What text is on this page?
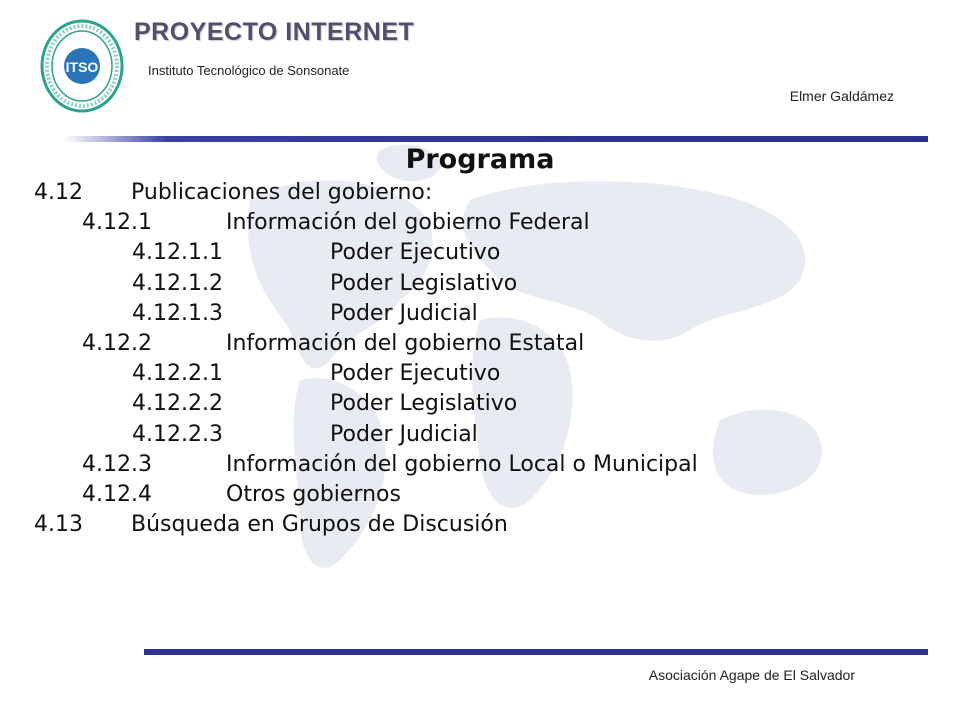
ITSO
PROYECTO INTERNET
Instituto Tecnológico de Sonsonate
Elmer Galdámez
Programa
4.12	Publicaciones del gobierno:
4.12.1	Información del gobierno Federal
4.12.1.1	Poder Ejecutivo
4.12.1.2	Poder Legislativo
4.12.1.3	Poder Judicial
4.12.2	Información del gobierno Estatal
4.12.2.1	Poder Ejecutivo
4.12.2.2	Poder Legislativo
4.12.2.3	Poder Judicial
4.12.3	Información del gobierno Local o Municipal
4.12.4	Otros gobiernos
4.13	Búsqueda en Grupos de Discusión
Asociación Agape de El Salvador
